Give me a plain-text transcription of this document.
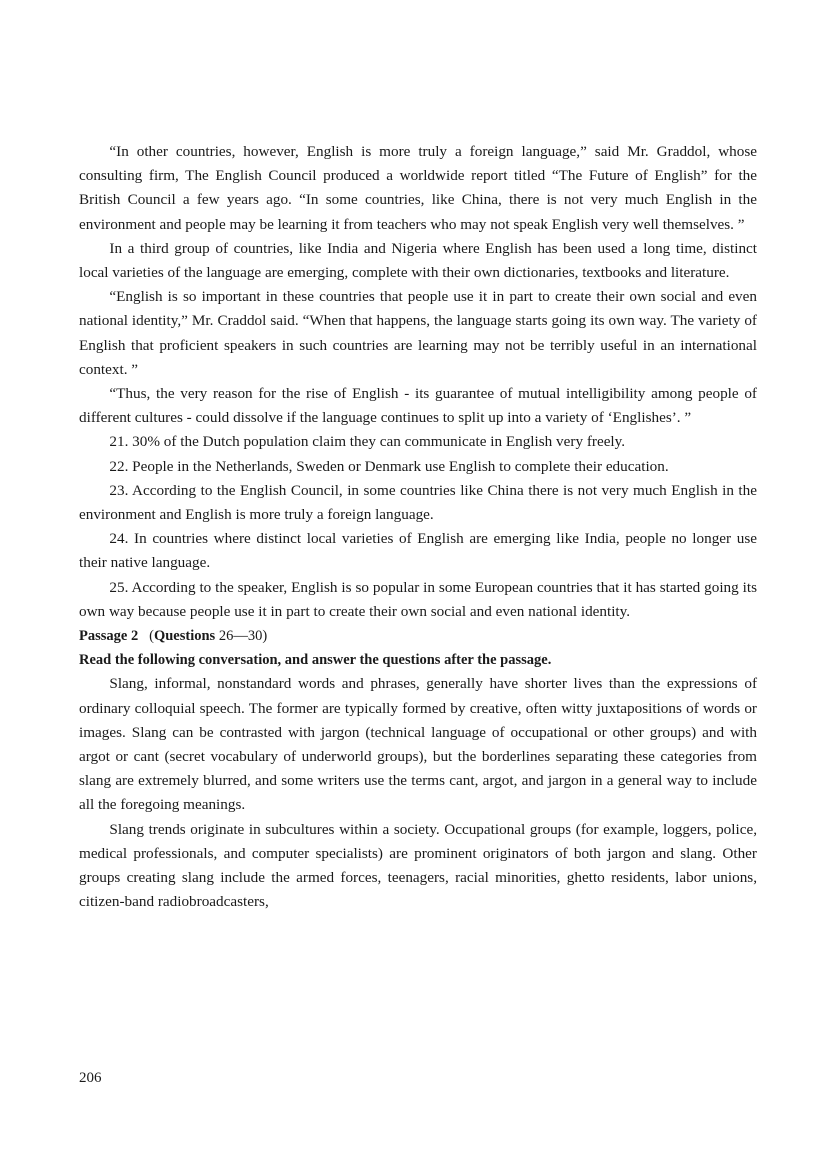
“In other countries, however, English is more truly a foreign language,” said Mr. Graddol, whose consulting firm, The English Council produced a worldwide report titled “The Future of English” for the British Council a few years ago. “In some countries, like China, there is not very much English in the environment and people may be learning it from teachers who may not speak English very well themselves. ”

In a third group of countries, like India and Nigeria where English has been used a long time, distinct local varieties of the language are emerging, complete with their own dictionaries, textbooks and literature.

“English is so important in these countries that people use it in part to create their own social and even national identity,” Mr. Craddol said. “When that happens, the language starts going its own way. The variety of English that proficient speakers in such countries are learning may not be terribly useful in an international context. ”

“Thus, the very reason for the rise of English - its guarantee of mutual intelligibility among people of different cultures - could dissolve if the language continues to split up into a variety of ‘Englishes’. ”

21. 30% of the Dutch population claim they can communicate in English very freely.

22. People in the Netherlands, Sweden or Denmark use English to complete their education.

23. According to the English Council, in some countries like China there is not very much English in the environment and English is more truly a foreign language.

24. In countries where distinct local varieties of English are emerging like India, people no longer use their native language.

25. According to the speaker, English is so popular in some European countries that it has started going its own way because people use it in part to create their own social and even national identity.

Passage 2 (Questions 26—30)

Read the following conversation, and answer the questions after the passage.

Slang, informal, nonstandard words and phrases, generally have shorter lives than the expressions of ordinary colloquial speech. The former are typically formed by creative, often witty juxtapositions of words or images. Slang can be contrasted with jargon (technical language of occupational or other groups) and with argot or cant (secret vocabulary of underworld groups), but the borderlines separating these categories from slang are extremely blurred, and some writers use the terms cant, argot, and jargon in a general way to include all the foregoing meanings.

Slang trends originate in subcultures within a society. Occupational groups (for example, loggers, police, medical professionals, and computer specialists) are prominent originators of both jargon and slang. Other groups creating slang include the armed forces, teenagers, racial minorities, ghetto residents, labor unions, citizen-band radiobroadcasters,

206
